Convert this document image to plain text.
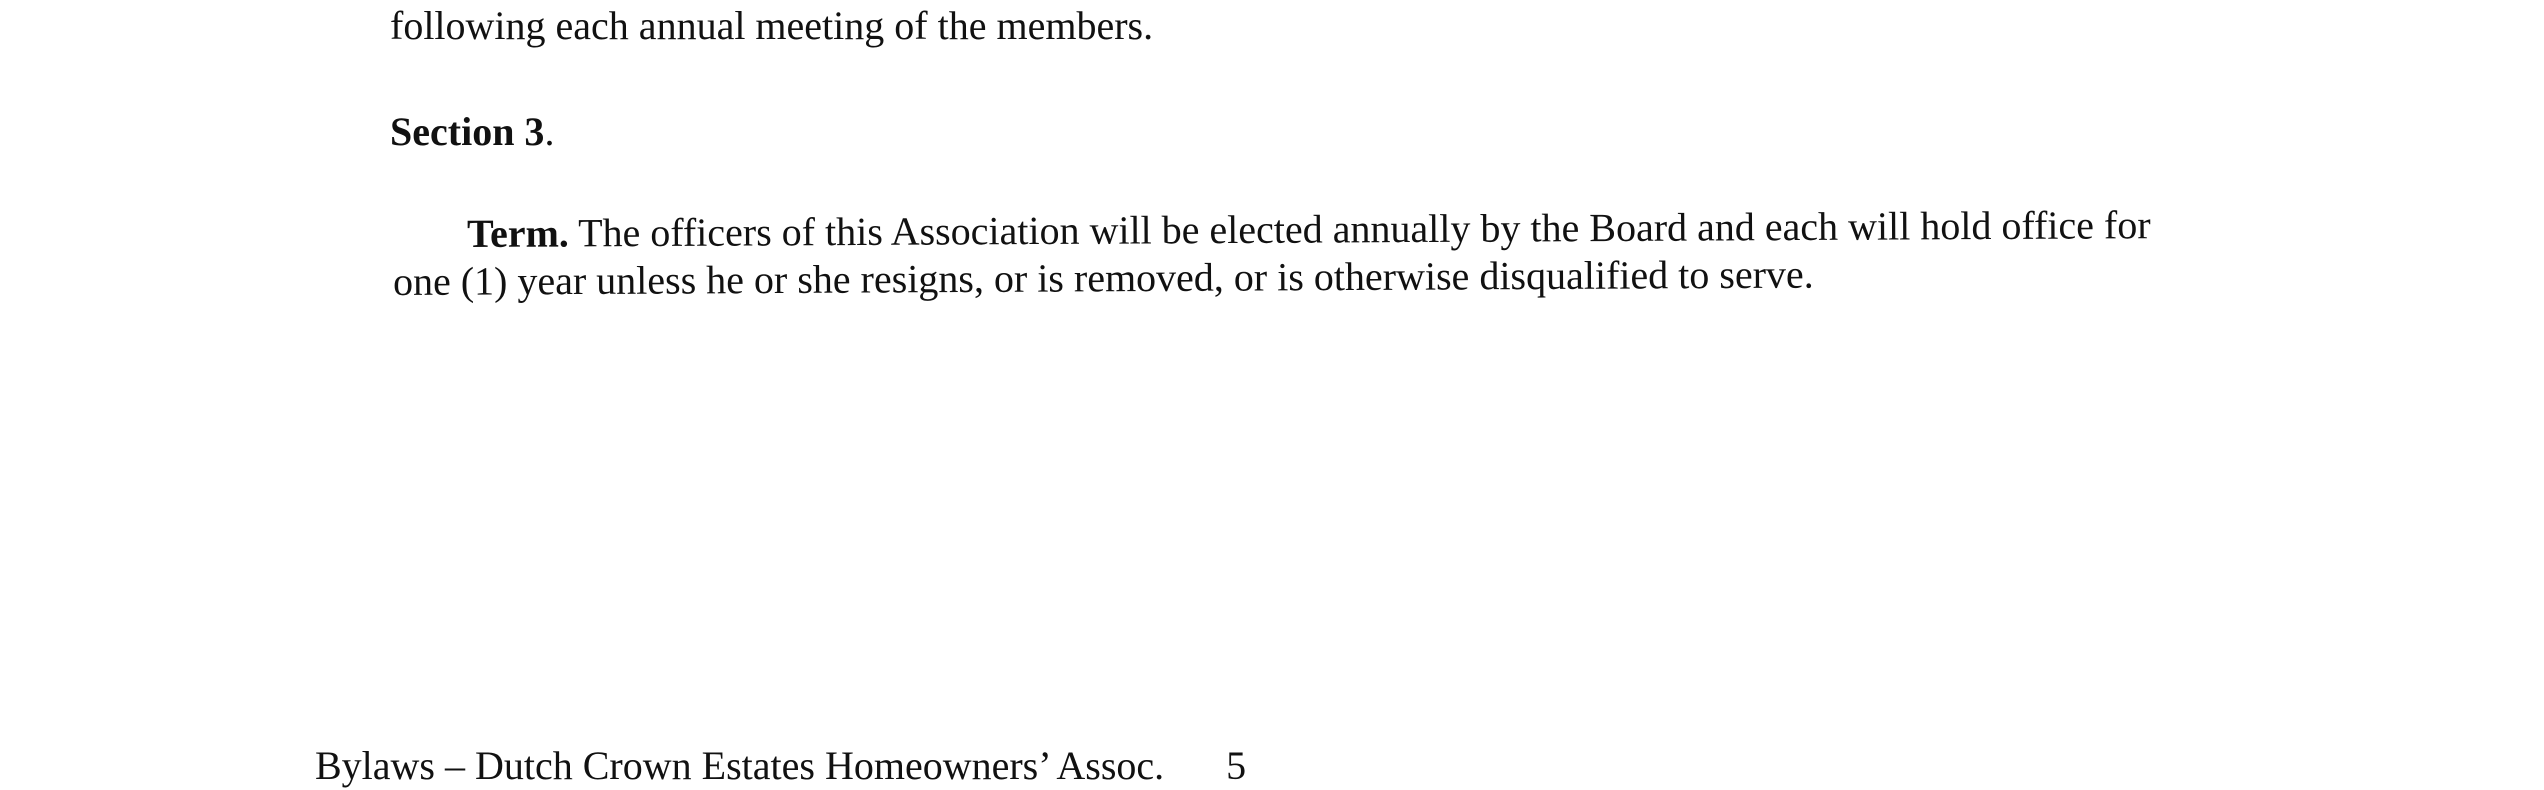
following each annual meeting of the members.
Section 3.
Term. The officers of this Association will be elected annually by the Board and each will hold office for
one (1) year unless he or she resigns, or is removed, or is otherwise disqualified to serve.
Bylaws – Dutch Crown Estates Homeowners’ Assoc. 5
